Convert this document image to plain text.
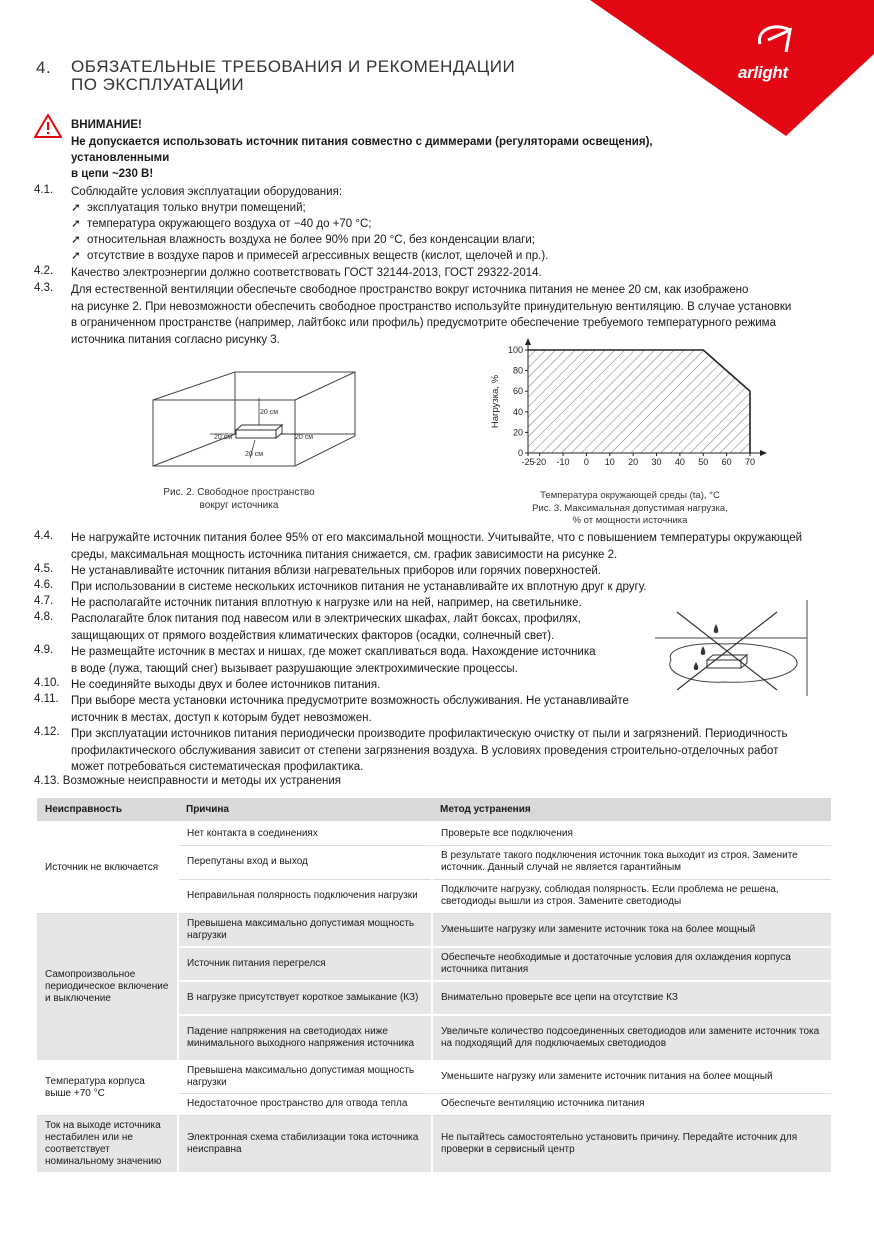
4. ОБЯЗАТЕЛЬНЫЕ ТРЕБОВАНИЯ И РЕКОМЕНДАЦИИ
ПО ЭКСПЛУАТАЦИИ
arlight
ВНИМАНИЕ!
Не допускается использовать источник питания совместно с диммерами (регуляторами освещения), установленными
в цепи ~230 В!
4.1. Соблюдайте условия эксплуатации оборудования:
➚ эксплуатация только внутри помещений;
➚ температура окружающего воздуха от −40 до +70 °C;
➚ относительная влажность воздуха не более 90% при 20 °C, без конденсации влаги;
➚ отсутствие в воздухе паров и примесей агрессивных веществ (кислот, щелочей и пр.).
4.2. Качество электроэнергии должно соответствовать ГОСТ 32144-2013, ГОСТ 29322-2014.
4.3. Для естественной вентиляции обеспечьте свободное пространство вокруг источника питания не менее 20 см, как изображено
на рисунке 2. При невозможности обеспечить свободное пространство используйте принудительную вентиляцию. В случае установки
в ограниченном пространстве (например, лайтбокс или профиль) предусмотрите обеспечение требуемого температурного режима
источника питания согласно рисунку 3.
20 см
20 см	20 см
20 см
Рис. 2. Свободное пространство
вокруг источника
0
20
40
60
80
100
-25
-20 -10 0 10 20 30 40 50 60 70
Нагрузка, %
Температура окружающей среды (ta), °C
Рис. 3. Максимальная допустимая нагрузка,
% от мощности источника
4.4. Не нагружайте источник питания более 95% от его максимальной мощности. Учитывайте, что с повышением температуры окружающей
среды, максимальная мощность источника питания снижается, см. график зависимости на рисунке 2.
4.5. Не устанавливайте источник питания вблизи нагревательных приборов или горячих поверхностей.
4.6. При использовании в системе нескольких источников питания не устанавливайте их вплотную друг к другу.
4.7. Не располагайте источник питания вплотную к нагрузке или на ней, например, на светильнике.
4.8. Располагайте блок питания под навесом или в электрических шкафах, лайт боксах, профилях,
защищающих от прямого воздействия климатических факторов (осадки, солнечный свет).
4.9. Не размещайте источник в местах и нишах, где может скапливаться вода. Нахождение источника
в воде (лужа, тающий снег) вызывает разрушающие электрохимические процессы.
4.10. Не соединяйте выходы двух и более источников питания.
4.11. При выборе места установки источника предусмотрите возможность обслуживания. Не устанавливайте
источник в местах, доступ к которым будет невозможен.
4.12. При эксплуатации источников питания периодически производите профилактическую очистку от пыли и загрязнений. Периодичность
профилактического обслуживания зависит от степени загрязнения воздуха. В условиях проведения строительно-отделочных работ
может потребоваться систематическая профилактика.
4.13. Возможные неисправности и методы их устранения
Неисправность	Причина	Метод устранения
Источник не включается	Нет контакта в соединениях	Проверьте все подключения
	Перепутаны вход и выход	В результате такого подключения источник тока выходит из строя. Замените источник. Данный случай не является гарантийным
	Неправильная полярность подключения нагрузки	Подключите нагрузку, соблюдая полярность. Если проблема не решена, светодиоды вышли из строя. Замените светодиоды
Самопроизвольное периодическое включение и выключение	Превышена максимально допустимая мощность нагрузки	Уменьшите нагрузку или замените источник тока на более мощный
	Источник питания перегрелся	Обеспечьте необходимые и достаточные условия для охлаждения корпуса источника питания
	В нагрузке присутствует короткое замыкание (КЗ)	Внимательно проверьте все цепи на отсутствие КЗ
	Падение напряжения на светодиодах ниже минимального выходного напряжения источника	Увеличьте количество подсоединенных светодиодов или замените источник тока на подходящий для подключаемых светодиодов
Температура корпуса выше +70 °C	Превышена максимально допустимая мощность нагрузки	Уменьшите нагрузку или замените источник питания на более мощный
	Недостаточное пространство для отвода тепла	Обеспечьте вентиляцию источника питания
Ток на выходе источника нестабилен или не соответствует номинальному значению	Электронная схема стабилизации тока источника неисправна	Не пытайтесь самостоятельно установить причину. Передайте источник для проверки в сервисный центр
